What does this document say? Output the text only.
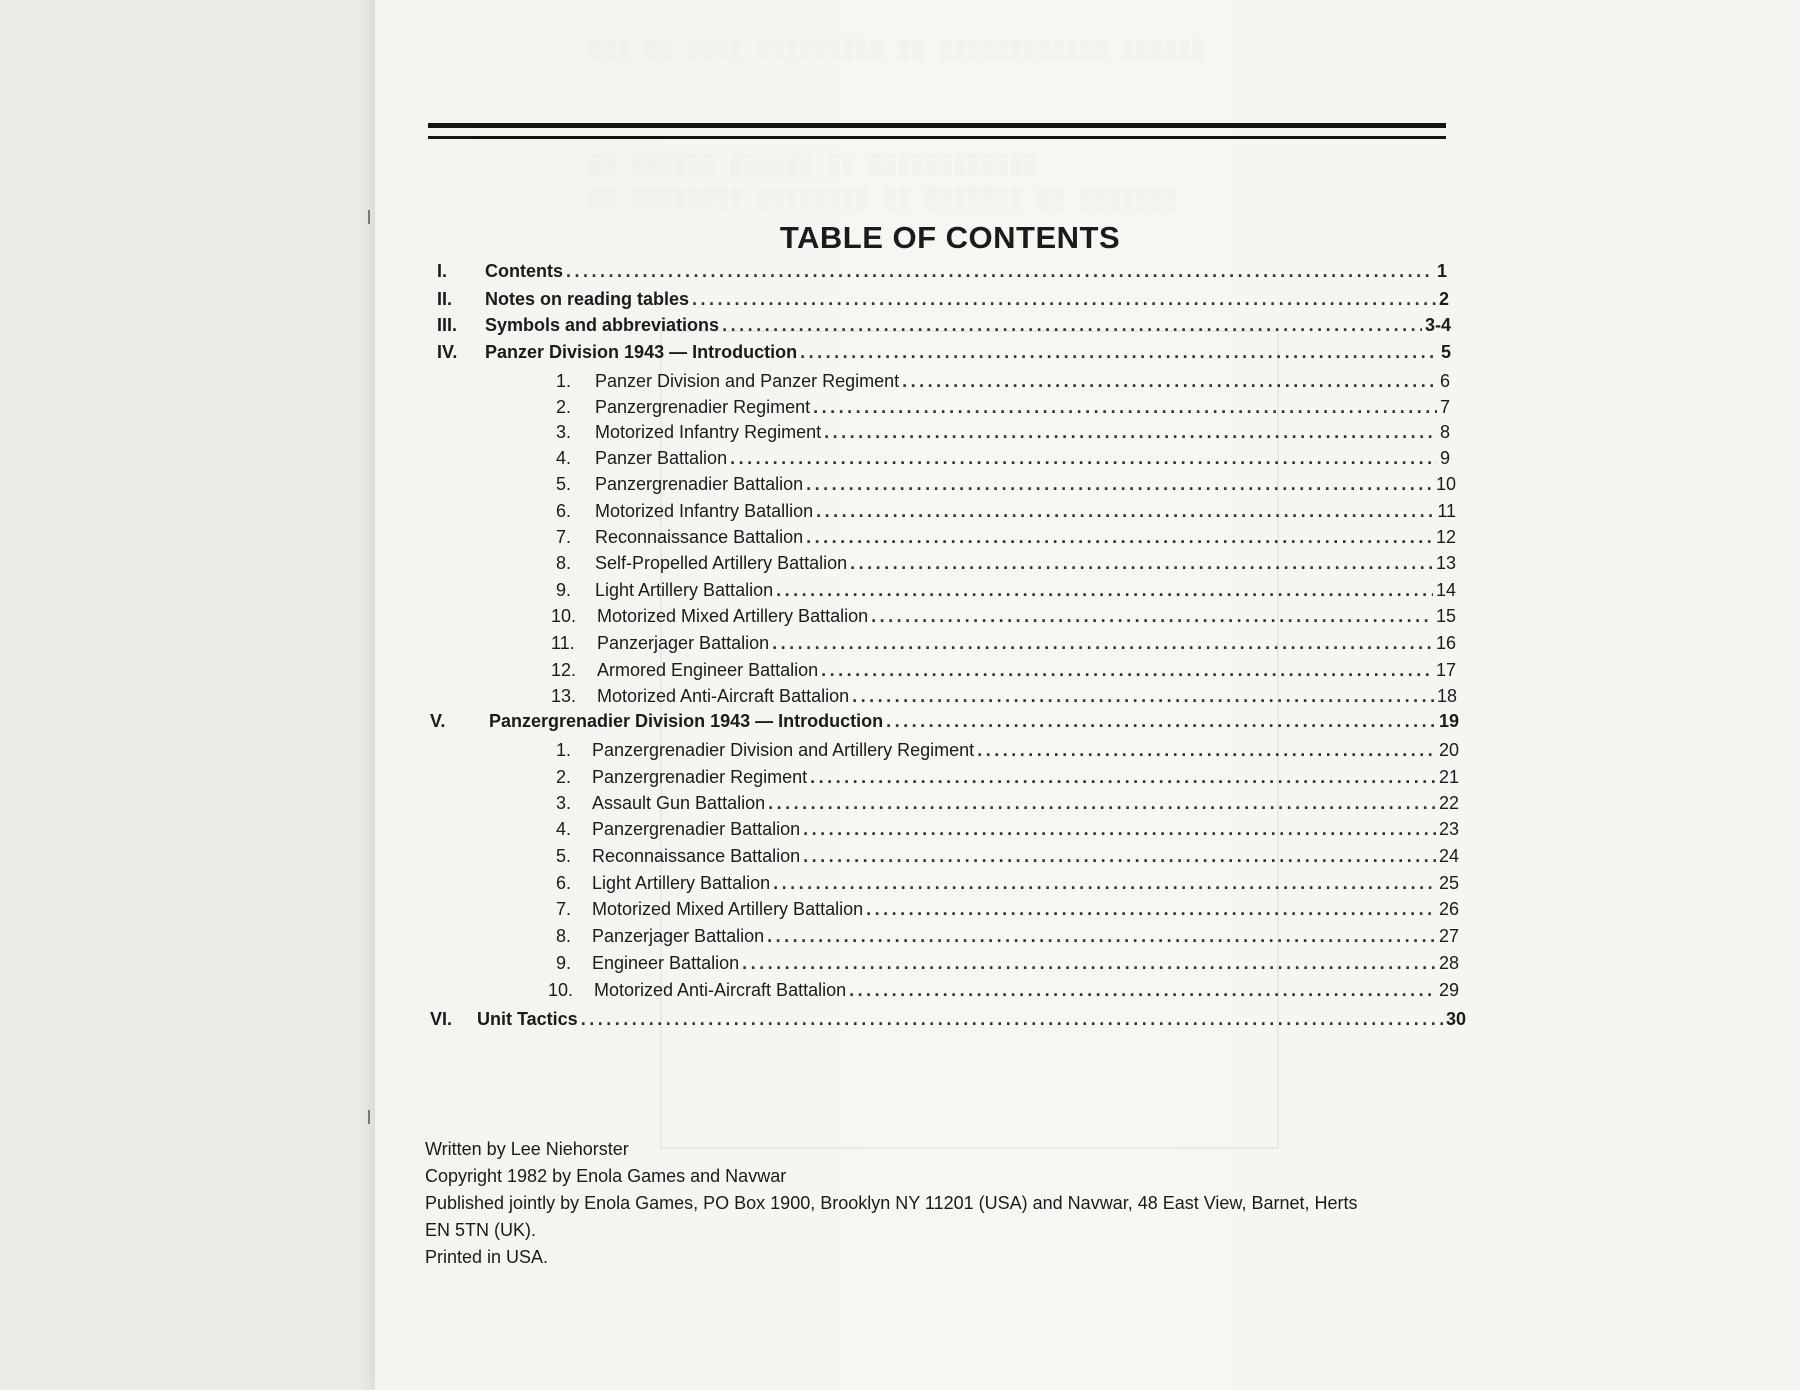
▒▒▒ ▒▒ ▒▒▒▒ ▒▒▒▒▒▒▒▒▒ ▒▒ ▒▒▒▒▒▒▒▒▒▒▒▒ ▒▒▒▒▒▒
▒▒ ▒▒▒▒▒▒ ▒▒▒▒▒▒ ▒▒ ▒▒▒▒▒▒▒▒▒▒▒▒
▒▒ ▒▒▒▒▒▒▒▒ ▒▒▒▒▒▒▒▒ ▒▒ ▒▒▒▒▒▒▒ ▒▒ ▒▒▒▒▒▒▒
TABLE OF CONTENTS
I.	Contents .....	1
II.	Notes on reading tables .....	2
III.	Symbols and abbreviations .....	3-4
IV.	Panzer Division 1943 — Introduction .....	5
1.	Panzer Division and Panzer Regiment .....	6
2.	Panzergrenadier Regiment .....	7
3.	Motorized Infantry Regiment .....	8
4.	Panzer Battalion .....	9
5.	Panzergrenadier Battalion .....	10
6.	Motorized Infantry Batallion .....	11
7.	Reconnaissance Battalion .....	12
8.	Self-Propelled Artillery Battalion .....	13
9.	Light Artillery Battalion .....	14
10.	Motorized Mixed Artillery Battalion .....	15
11.	Panzerjager Battalion .....	16
12.	Armored Engineer Battalion .....	17
13.	Motorized Anti-Aircraft Battalion .....	18
V.	Panzergrenadier Division 1943 — Introduction .....	19
1.	Panzergrenadier Division and Artillery Regiment .....	20
2.	Panzergrenadier Regiment .....	21
3.	Assault Gun Battalion .....	22
4.	Panzergrenadier Battalion .....	23
5.	Reconnaissance Battalion .....	24
6.	Light Artillery Battalion .....	25
7.	Motorized Mixed Artillery Battalion .....	26
8.	Panzerjager Battalion .....	27
9.	Engineer Battalion .....	28
10.	Motorized Anti-Aircraft Battalion .....	29
VI.	Unit Tactics .....	30
Written by Lee Niehorster
Copyright 1982 by Enola Games and Navwar
Published jointly by Enola Games, PO Box 1900, Brooklyn NY 11201 (USA) and Navwar, 48 East View, Barnet, Herts
EN 5TN (UK).
Printed in USA.
